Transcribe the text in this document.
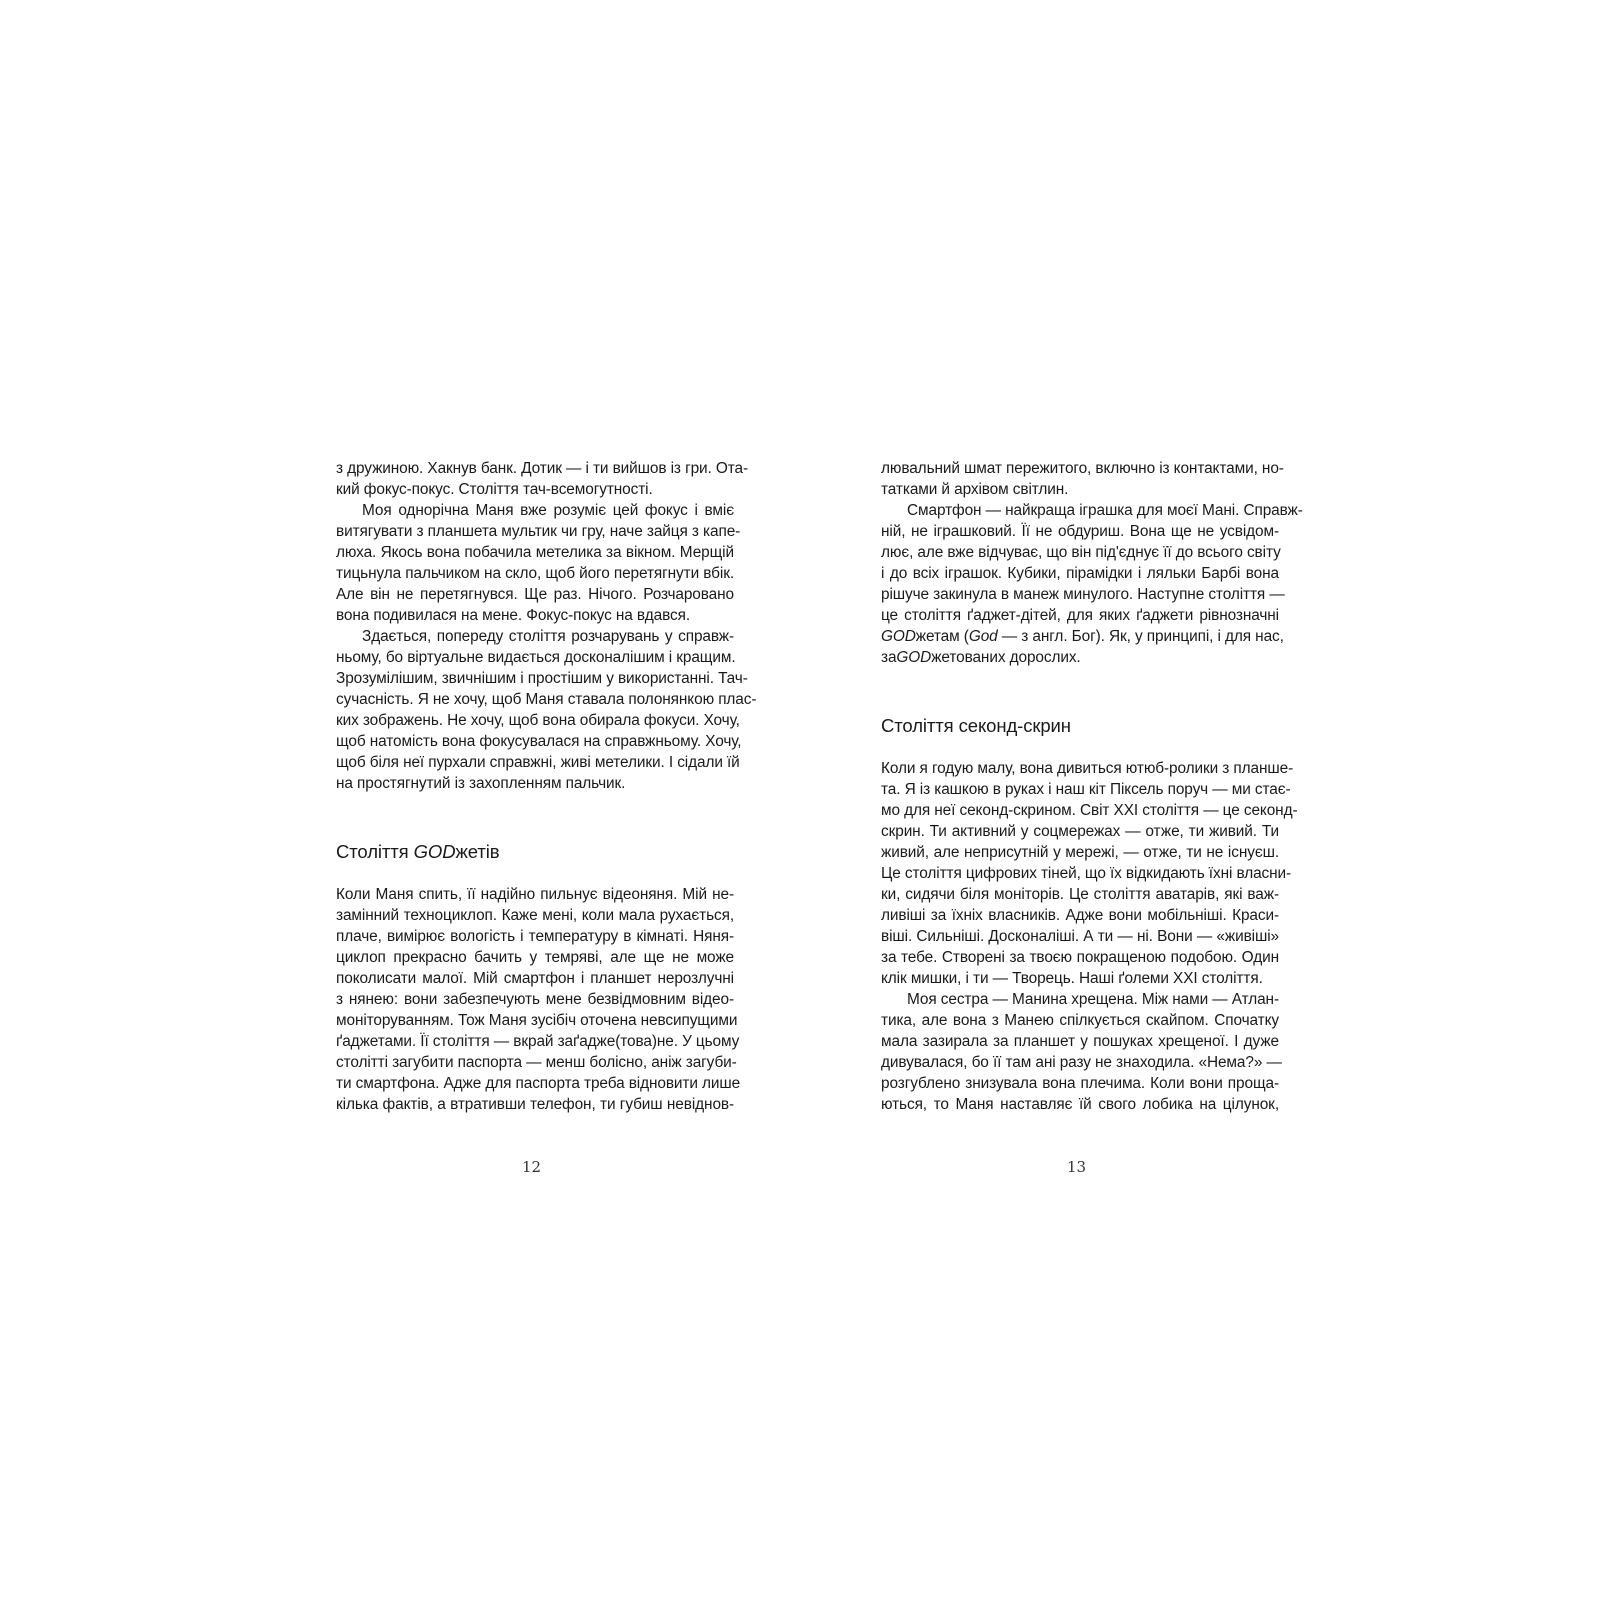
з дружиною. Хакнув банк. Дотик — і ти вийшов із гри. Ота-
кий фокус-покус. Століття тач-всемогутності.
Моя однорічна Маня вже розуміє цей фокус і вміє
витягувати з планшета мультик чи гру, наче зайця з капе-
люха. Якось вона побачила метелика за вікном. Мерщій
тицьнула пальчиком на скло, щоб його перетягнути вбік.
Але він не перетягнувся. Ще раз. Нічого. Розчаровано
вона подивилася на мене. Фокус-покус на вдався.
Здається, попереду століття розчарувань у справж-
ньому, бо віртуальне видається досконалішим і кращим.
Зрозумілішим, звичнішим і простішим у використанні. Тач-
сучасність. Я не хочу, щоб Маня ставала полонянкою плас-
ких зображень. Не хочу, щоб вона обирала фокуси. Хочу,
щоб натомість вона фокусувалася на справжньому. Хочу,
щоб біля неї пурхали справжні, живі метелики. І сідали їй
на простягнутий із захопленням пальчик.
Століття GODжетів
Коли Маня спить, її надійно пильнує відеоняня. Мій не-
замінний техноциклоп. Каже мені, коли мала рухається,
плаче, вимірює вологість і температуру в кімнаті. Няня-
циклоп прекрасно бачить у темряві, але ще не може
поколисати малої. Мій смартфон і планшет нерозлучні
з нянею: вони забезпечують мене безвідмовним відео-
моніторуванням. Тож Маня зусібіч оточена невсипущими
ґаджетами. Її століття — вкрай заґадже(това)не. У цьому
столітті загубити паспорта — менш болісно, аніж загуби-
ти смартфона. Адже для паспорта треба відновити лише
кілька фактів, а втративши телефон, ти губиш невіднов-
12
лювальний шмат пережитого, включно із контактами, но-
татками й архівом світлин.
Смартфон — найкраща іграшка для моєї Мані. Справж-
ній, не іграшковий. Її не обдуриш. Вона ще не усвідом-
лює, але вже відчуває, що він під'єднує її до всього світу
і до всіх іграшок. Кубики, пірамідки і ляльки Барбі вона
рішуче закинула в манеж минулого. Наступне століття —
це століття ґаджет-дітей, для яких ґаджети рівнозначні
GODжетам (God — з англ. Бог). Як, у принципі, і для нас,
заGODжетованих дорослих.
Століття секонд-скрин
Коли я годую малу, вона дивиться ютюб-ролики з планше-
та. Я із кашкою в руках і наш кіт Піксель поруч — ми стає-
мо для неї секонд-скрином. Світ XXI століття — це секонд-
скрин. Ти активний у соцмережах — отже, ти живий. Ти
живий, але неприсутній у мережі, — отже, ти не існуєш.
Це століття цифрових тіней, що їх відкидають їхні власни-
ки, сидячи біля моніторів. Це століття аватарів, які важ-
ливіші за їхніх власників. Адже вони мобільніші. Краси-
віші. Сильніші. Досконаліші. А ти — ні. Вони — «живіші»
за тебе. Створені за твоєю покращеною подобою. Один
клік мишки, і ти — Творець. Наші ґолеми XXI століття.
Моя сестра — Манина хрещена. Між нами — Атлан-
тика, але вона з Манею спілкується скайпом. Спочатку
мала зазирала за планшет у пошуках хрещеної. І дуже
дивувалася, бо її там ані разу не знаходила. «Нема?» —
розгублено знизувала вона плечима. Коли вони проща-
ються, то Маня наставляє їй свого лобика на цілунок,
13
